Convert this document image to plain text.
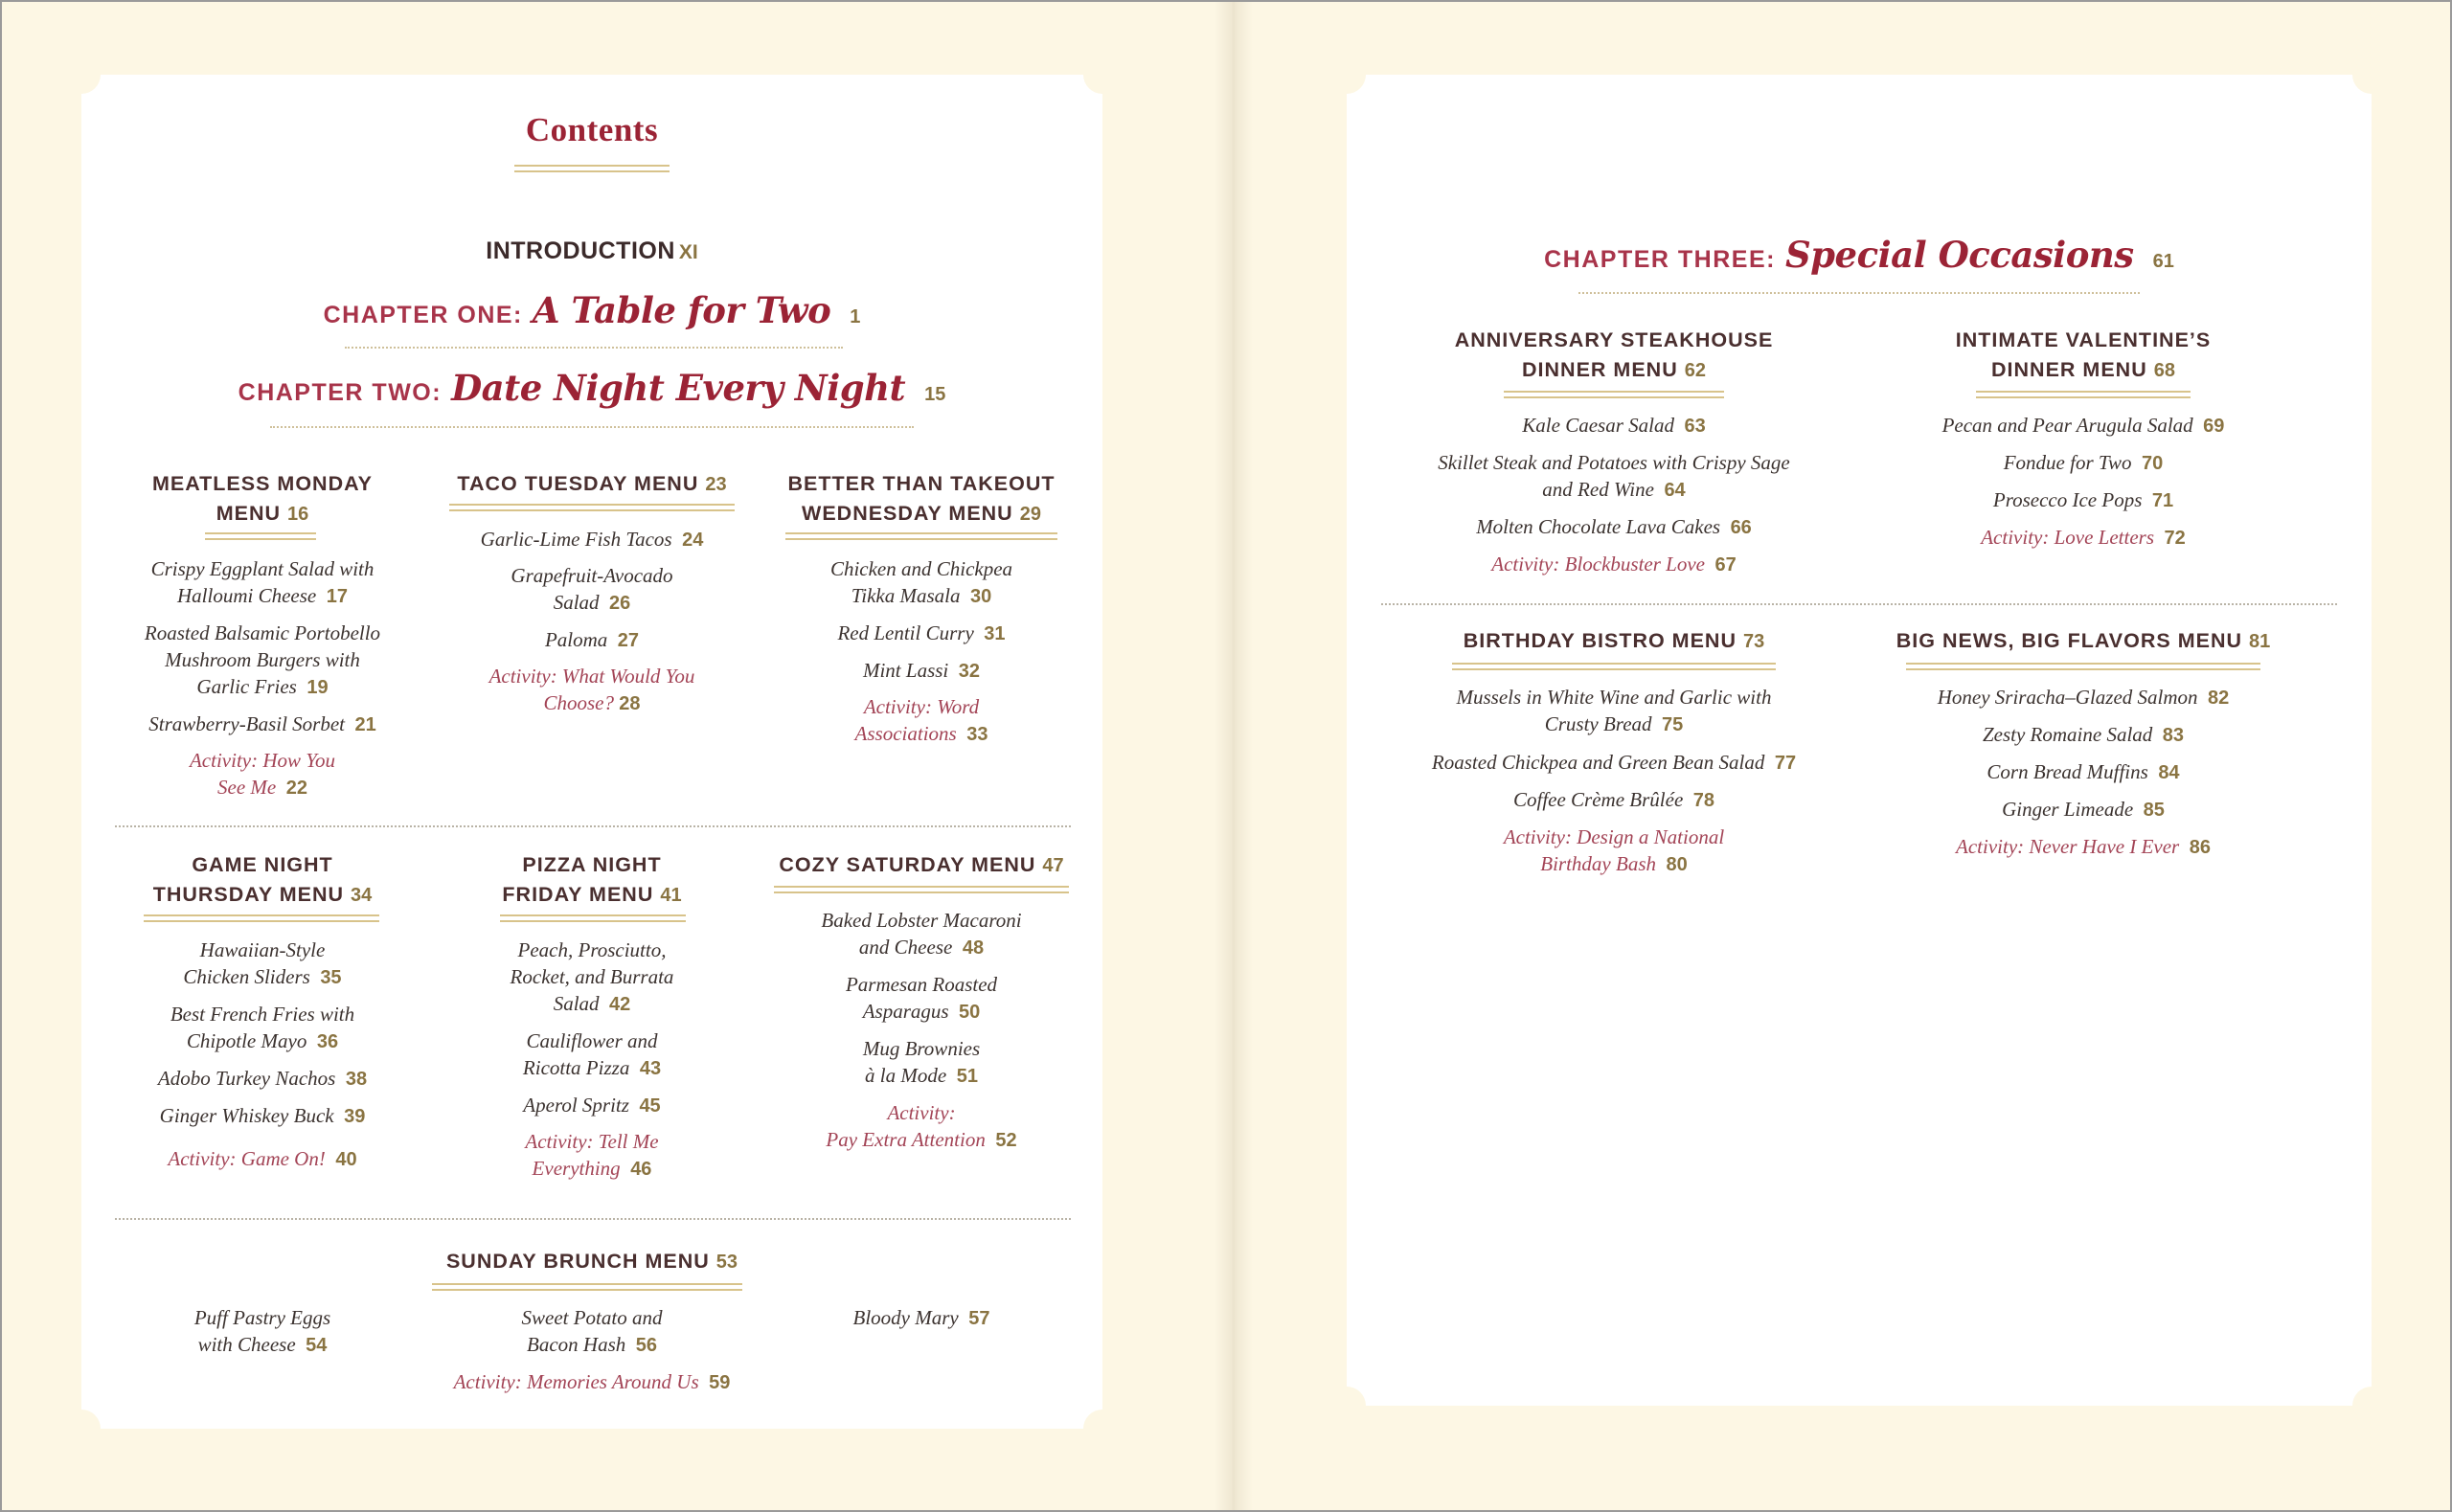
Contents
INTRODUCTION XI
CHAPTER ONE: A Table for Two 1
CHAPTER TWO: Date Night Every Night 15
MEATLESS MONDAY
MENU 16
TACO TUESDAY MENU 23	BETTER THAN TAKEOUT
WEDNESDAY MENU 29
Crispy Eggplant Salad with
Halloumi Cheese 17
Roasted Balsamic Portobello
Mushroom Burgers with
Garlic Fries 19
Strawberry-Basil Sorbet 21
Activity: How You
See Me 22
Garlic-Lime Fish Tacos 24
Grapefruit-Avocado
Salad 26
Paloma 27
Activity: What Would You
Choose? 28
Chicken and Chickpea
Tikka Masala 30
Red Lentil Curry 31
Mint Lassi 32
Activity: Word
Associations 33
GAME NIGHT
THURSDAY MENU 34
PIZZA NIGHT
FRIDAY MENU 41
COZY SATURDAY MENU 47
Hawaiian-Style
Chicken Sliders 35
Best French Fries with
Chipotle Mayo 36
Adobo Turkey Nachos 38
Ginger Whiskey Buck 39
Activity: Game On! 40
Peach, Prosciutto,
Rocket, and Burrata
Salad 42
Cauliflower and
Ricotta Pizza 43
Aperol Spritz 45
Activity: Tell Me
Everything 46
Baked Lobster Macaroni
and Cheese 48
Parmesan Roasted
Asparagus 50
Mug Brownies
à la Mode 51
Activity:
Pay Extra Attention 52
SUNDAY BRUNCH MENU 53
Puff Pastry Eggs
with Cheese 54
Sweet Potato and
Bacon Hash 56
Bloody Mary 57
Activity: Memories Around Us 59
CHAPTER THREE: Special Occasions 61
ANNIVERSARY STEAKHOUSE
DINNER MENU 62
INTIMATE VALENTINE’S
DINNER MENU 68
Kale Caesar Salad 63
Skillet Steak and Potatoes with Crispy Sage
and Red Wine 64
Molten Chocolate Lava Cakes 66
Activity: Blockbuster Love 67
Pecan and Pear Arugula Salad 69
Fondue for Two 70
Prosecco Ice Pops 71
Activity: Love Letters 72
BIRTHDAY BISTRO MENU 73	BIG NEWS, BIG FLAVORS MENU 81
Mussels in White Wine and Garlic with
Crusty Bread 75
Roasted Chickpea and Green Bean Salad 77
Coffee Crème Brûlée 78
Activity: Design a National
Birthday Bash 80
Honey Sriracha–Glazed Salmon 82
Zesty Romaine Salad 83
Corn Bread Muffins 84
Ginger Limeade 85
Activity: Never Have I Ever 86
